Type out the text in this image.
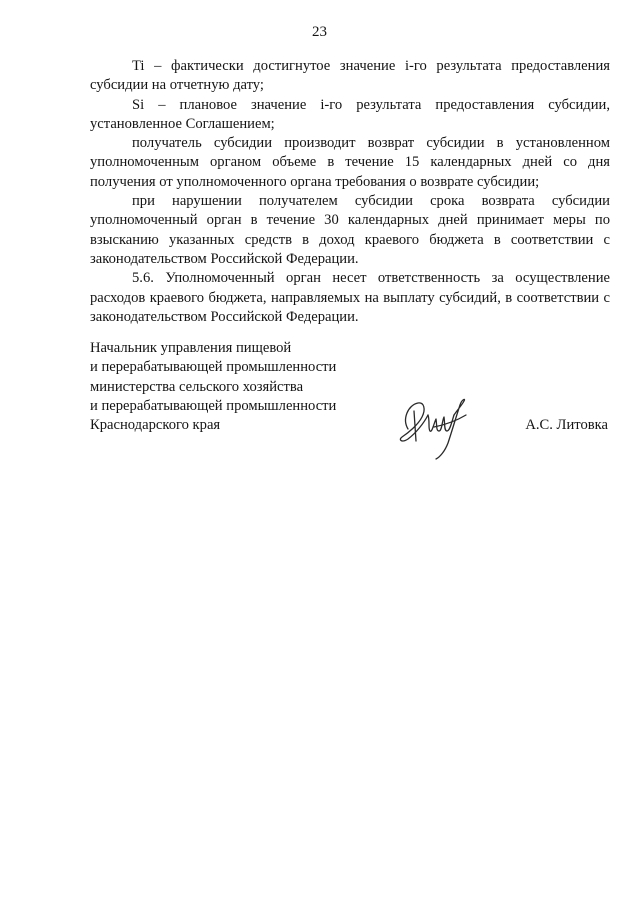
23

Ti – фактически достигнутое значение i-го результата предоставления субсидии на отчетную дату;

Si – плановое значение i-го результата предоставления субсидии, установленное Соглашением;

получатель субсидии производит возврат субсидии в установленном уполномоченным органом объеме в течение 15 календарных дней со дня получения от уполномоченного органа требования о возврате субсидии;

при нарушении получателем субсидии срока возврата субсидии уполномоченный орган в течение 30 календарных дней принимает меры по взысканию указанных средств в доход краевого бюджета в соответствии с законодательством Российской Федерации.

5.6. Уполномоченный орган несет ответственность за осуществление расходов краевого бюджета, направляемых на выплату субсидий, в соответствии с законодательством Российской Федерации.

Начальник управления пищевой
и перерабатывающей промышленности
министерства сельского хозяйства
и перерабатывающей промышленности
Краснодарского края	А.С. Литовка
